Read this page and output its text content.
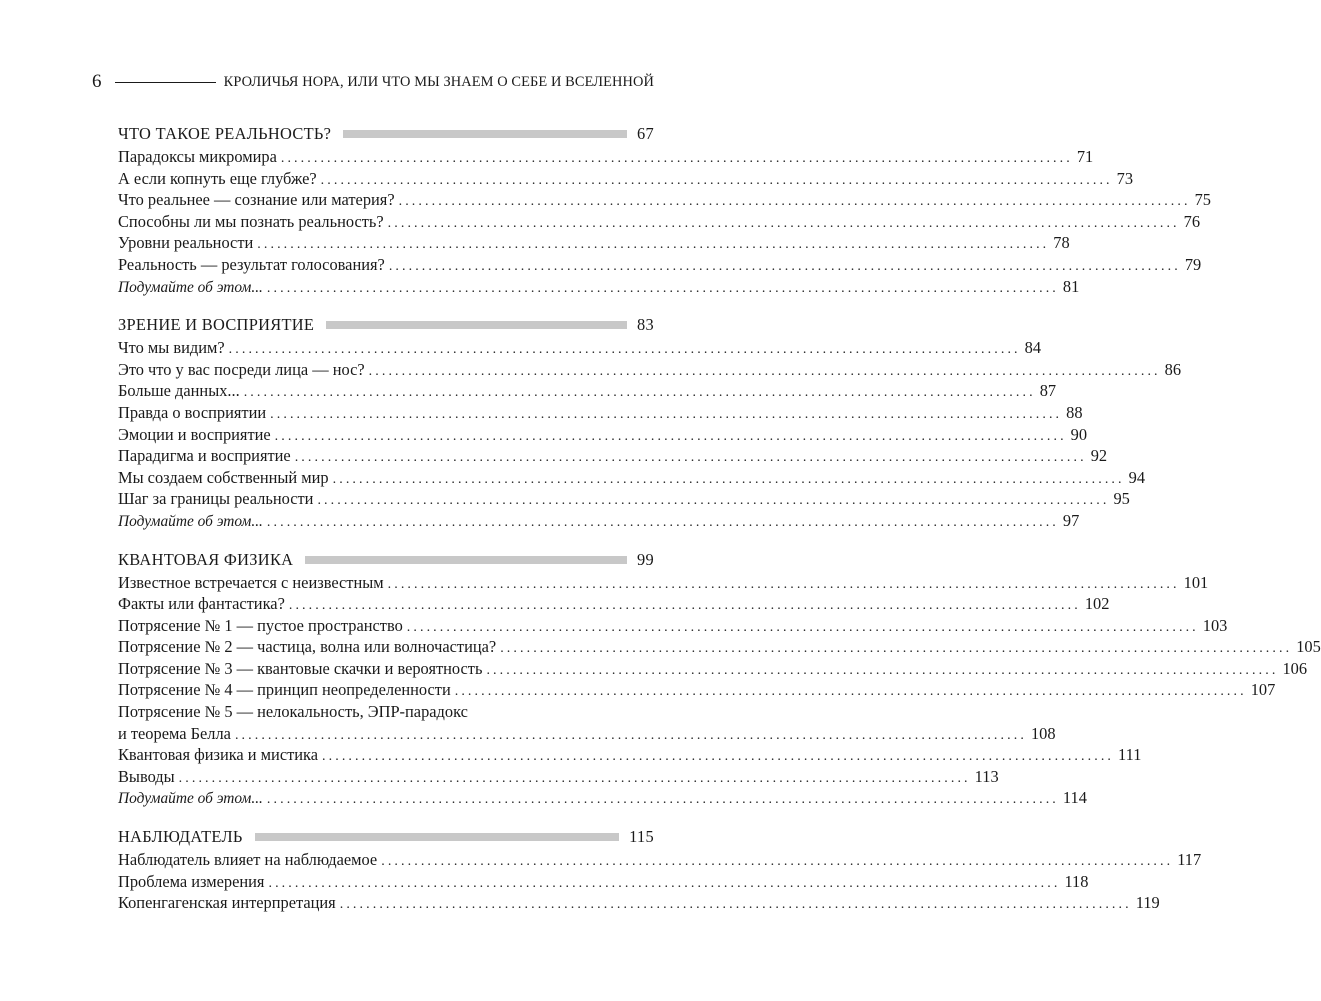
6	КРОЛИЧЬЯ НОРА, ИЛИ ЧТО МЫ ЗНАЕМ О СЕБЕ И ВСЕЛЕННОЙ
ЧТО ТАКОЕ РЕАЛЬНОСТЬ?	67
Парадоксы микромира ........................................................................................................................ 71
А если копнуть еще глубже? ........................................................................................................................ 73
Что реальнее — сознание или материя? ........................................................................................................................ 75
Способны ли мы познать реальность? ........................................................................................................................ 76
Уровни реальности ........................................................................................................................ 78
Реальность — результат голосования? ........................................................................................................................ 79
Подумайте об этом... ........................................................................................................................ 81
ЗРЕНИЕ И ВОСПРИЯТИЕ	83
Что мы видим? ........................................................................................................................ 84
Это что у вас посреди лица — нос? ........................................................................................................................ 86
Больше данных... ........................................................................................................................ 87
Правда о восприятии ........................................................................................................................ 88
Эмоции и восприятие ........................................................................................................................ 90
Парадигма и восприятие ........................................................................................................................ 92
Мы создаем собственный мир ........................................................................................................................ 94
Шаг за границы реальности ........................................................................................................................ 95
Подумайте об этом... ........................................................................................................................ 97
КВАНТОВАЯ ФИЗИКА	99
Известное встречается с неизвестным ........................................................................................................................ 101
Факты или фантастика? ........................................................................................................................ 102
Потрясение № 1 — пустое пространство ........................................................................................................................ 103
Потрясение № 2 — частица, волна или волночастица? ........................................................................................................................ 105
Потрясение № 3 — квантовые скачки и вероятность ........................................................................................................................ 106
Потрясение № 4 — принцип неопределенности ........................................................................................................................ 107
Потрясение № 5 — нелокальность, ЭПР-парадокс
и теорема Белла ........................................................................................................................ 108
Квантовая физика и мистика ........................................................................................................................ 111
Выводы ........................................................................................................................ 113
Подумайте об этом... ........................................................................................................................ 114
НАБЛЮДАТЕЛЬ	115
Наблюдатель влияет на наблюдаемое ........................................................................................................................ 117
Проблема измерения ........................................................................................................................ 118
Копенгагенская интерпретация ........................................................................................................................ 119
